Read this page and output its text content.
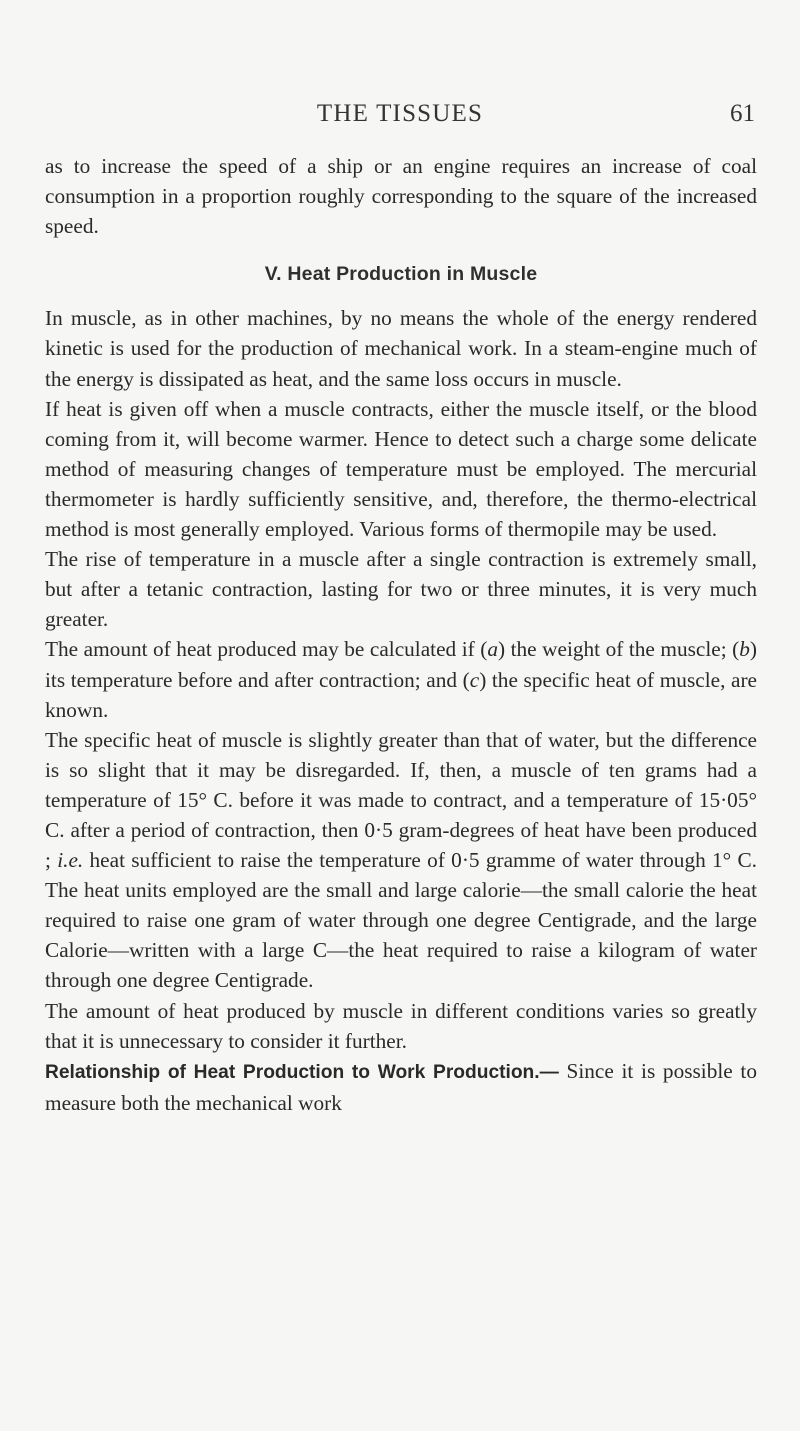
THE TISSUES	61

as to increase the speed of a ship or an engine requires an increase of coal consumption in a proportion roughly corresponding to the square of the increased speed.

V. Heat Production in Muscle

In muscle, as in other machines, by no means the whole of the energy rendered kinetic is used for the production of mechanical work. In a steam-engine much of the energy is dissipated as heat, and the same loss occurs in muscle.

If heat is given off when a muscle contracts, either the muscle itself, or the blood coming from it, will become warmer. Hence to detect such a charge some delicate method of measuring changes of temperature must be employed. The mercurial thermometer is hardly sufficiently sensitive, and, therefore, the thermo-electrical method is most generally employed. Various forms of thermopile may be used.

The rise of temperature in a muscle after a single contraction is extremely small, but after a tetanic contraction, lasting for two or three minutes, it is very much greater.

The amount of heat produced may be calculated if (a) the weight of the muscle; (b) its temperature before and after contraction; and (c) the specific heat of muscle, are known.

The specific heat of muscle is slightly greater than that of water, but the difference is so slight that it may be disregarded. If, then, a muscle of ten grams had a temperature of 15° C. before it was made to contract, and a temperature of 15·05° C. after a period of contraction, then 0·5 gram-degrees of heat have been produced ; i.e. heat sufficient to raise the temperature of 0·5 gramme of water through 1° C. The heat units employed are the small and large calorie—the small calorie the heat required to raise one gram of water through one degree Centigrade, and the large Calorie—written with a large C—the heat required to raise a kilogram of water through one degree Centigrade.

The amount of heat produced by muscle in different conditions varies so greatly that it is unnecessary to consider it further.

Relationship of Heat Production to Work Production.— Since it is possible to measure both the mechanical work
